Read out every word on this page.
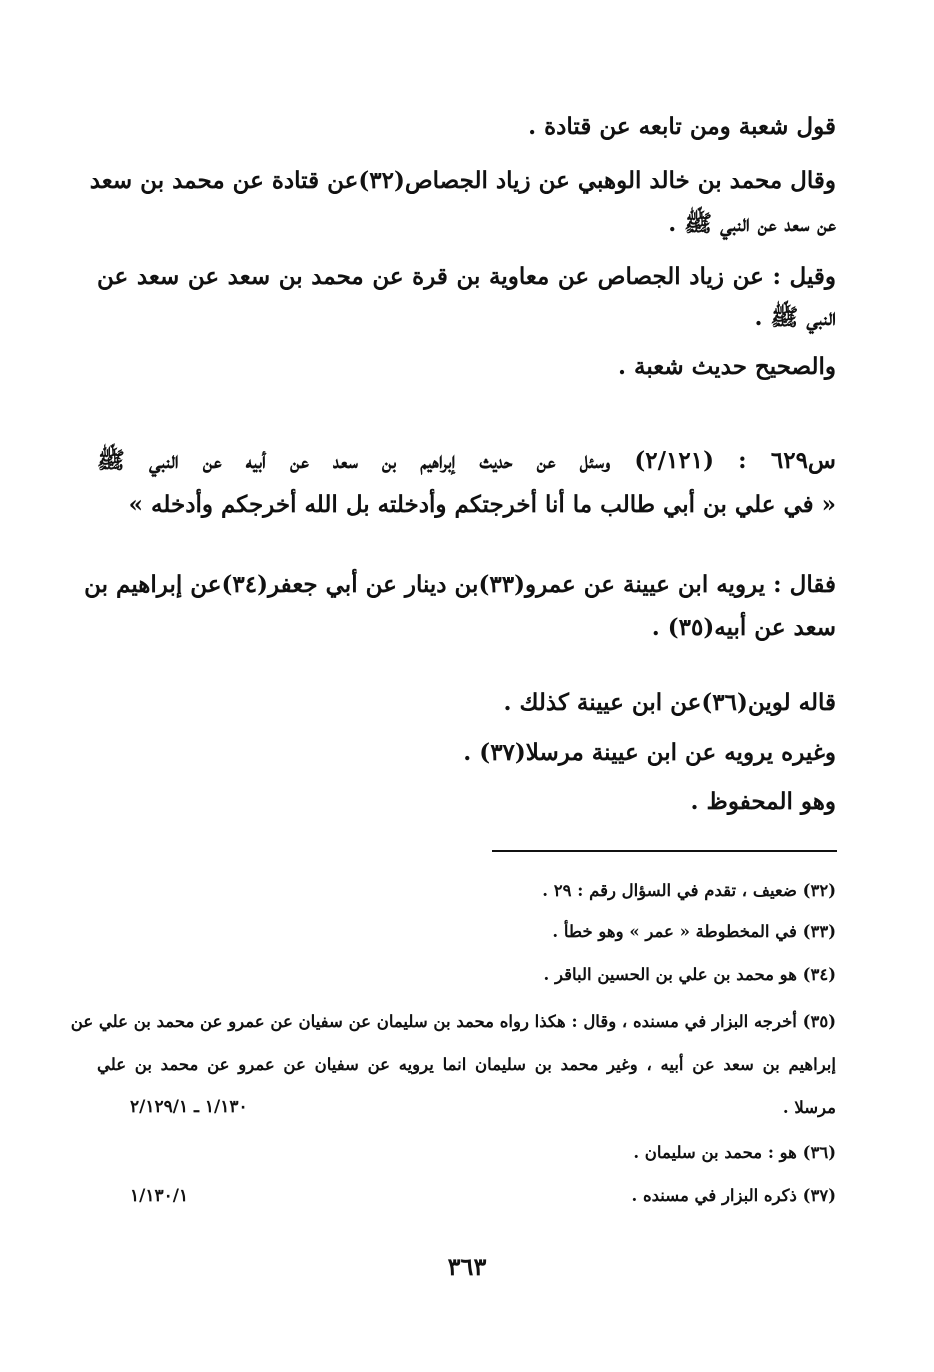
قول شعبة ومن تابعه عن قتادة .
وقال محمد بن خالد الوهبي عن زياد الجصاص(٣٢)عن قتادة عن محمد بن سعد
عن سعد عن النبي ﷺ .
وقيل : عن زياد الجصاص عن معاوية بن قرة عن محمد بن سعد عن سعد عن
النبي ﷺ .
والصحيح حديث شعبة .
س٦٢٩ : (٢/١٢١) وسئل عن حديث إبراهيم بن سعد عن أبيه عن النبي ﷺ
« في علي بن أبي طالب ما أنا أخرجتكم وأدخلته بل الله أخرجكم وأدخله »
فقال : يرويه ابن عيينة عن عمرو(٣٣)بن دينار عن أبي جعفر(٣٤)عن إبراهيم بن
سعد عن أبيه(٣٥) .
قاله لوين(٣٦)عن ابن عيينة كذلك .
وغيره يرويه عن ابن عيينة مرسلا(٣٧) .
وهو المحفوظ .
(٣٢) ضعيف ، تقدم في السؤال رقم : ٢٩ .
(٣٣) في المخطوطة « عمر » وهو خطأ .
(٣٤) هو محمد بن علي بن الحسين الباقر .
(٣٥) أخرجه البزار في مسنده ، وقال : هكذا رواه محمد بن سليمان عن سفيان عن عمرو عن محمد بن علي عن
إبراهيم بن سعد عن أبيه ، وغير محمد بن سليمان انما يرويه عن سفيان عن عمرو عن محمد بن علي
مرسلا .
١/١٣٠ ـ ٢/١٢٩/١
(٣٦) هو : محمد بن سليمان .
(٣٧) ذكره البزار في مسنده .
١/١٣٠/١
٣٦٣
